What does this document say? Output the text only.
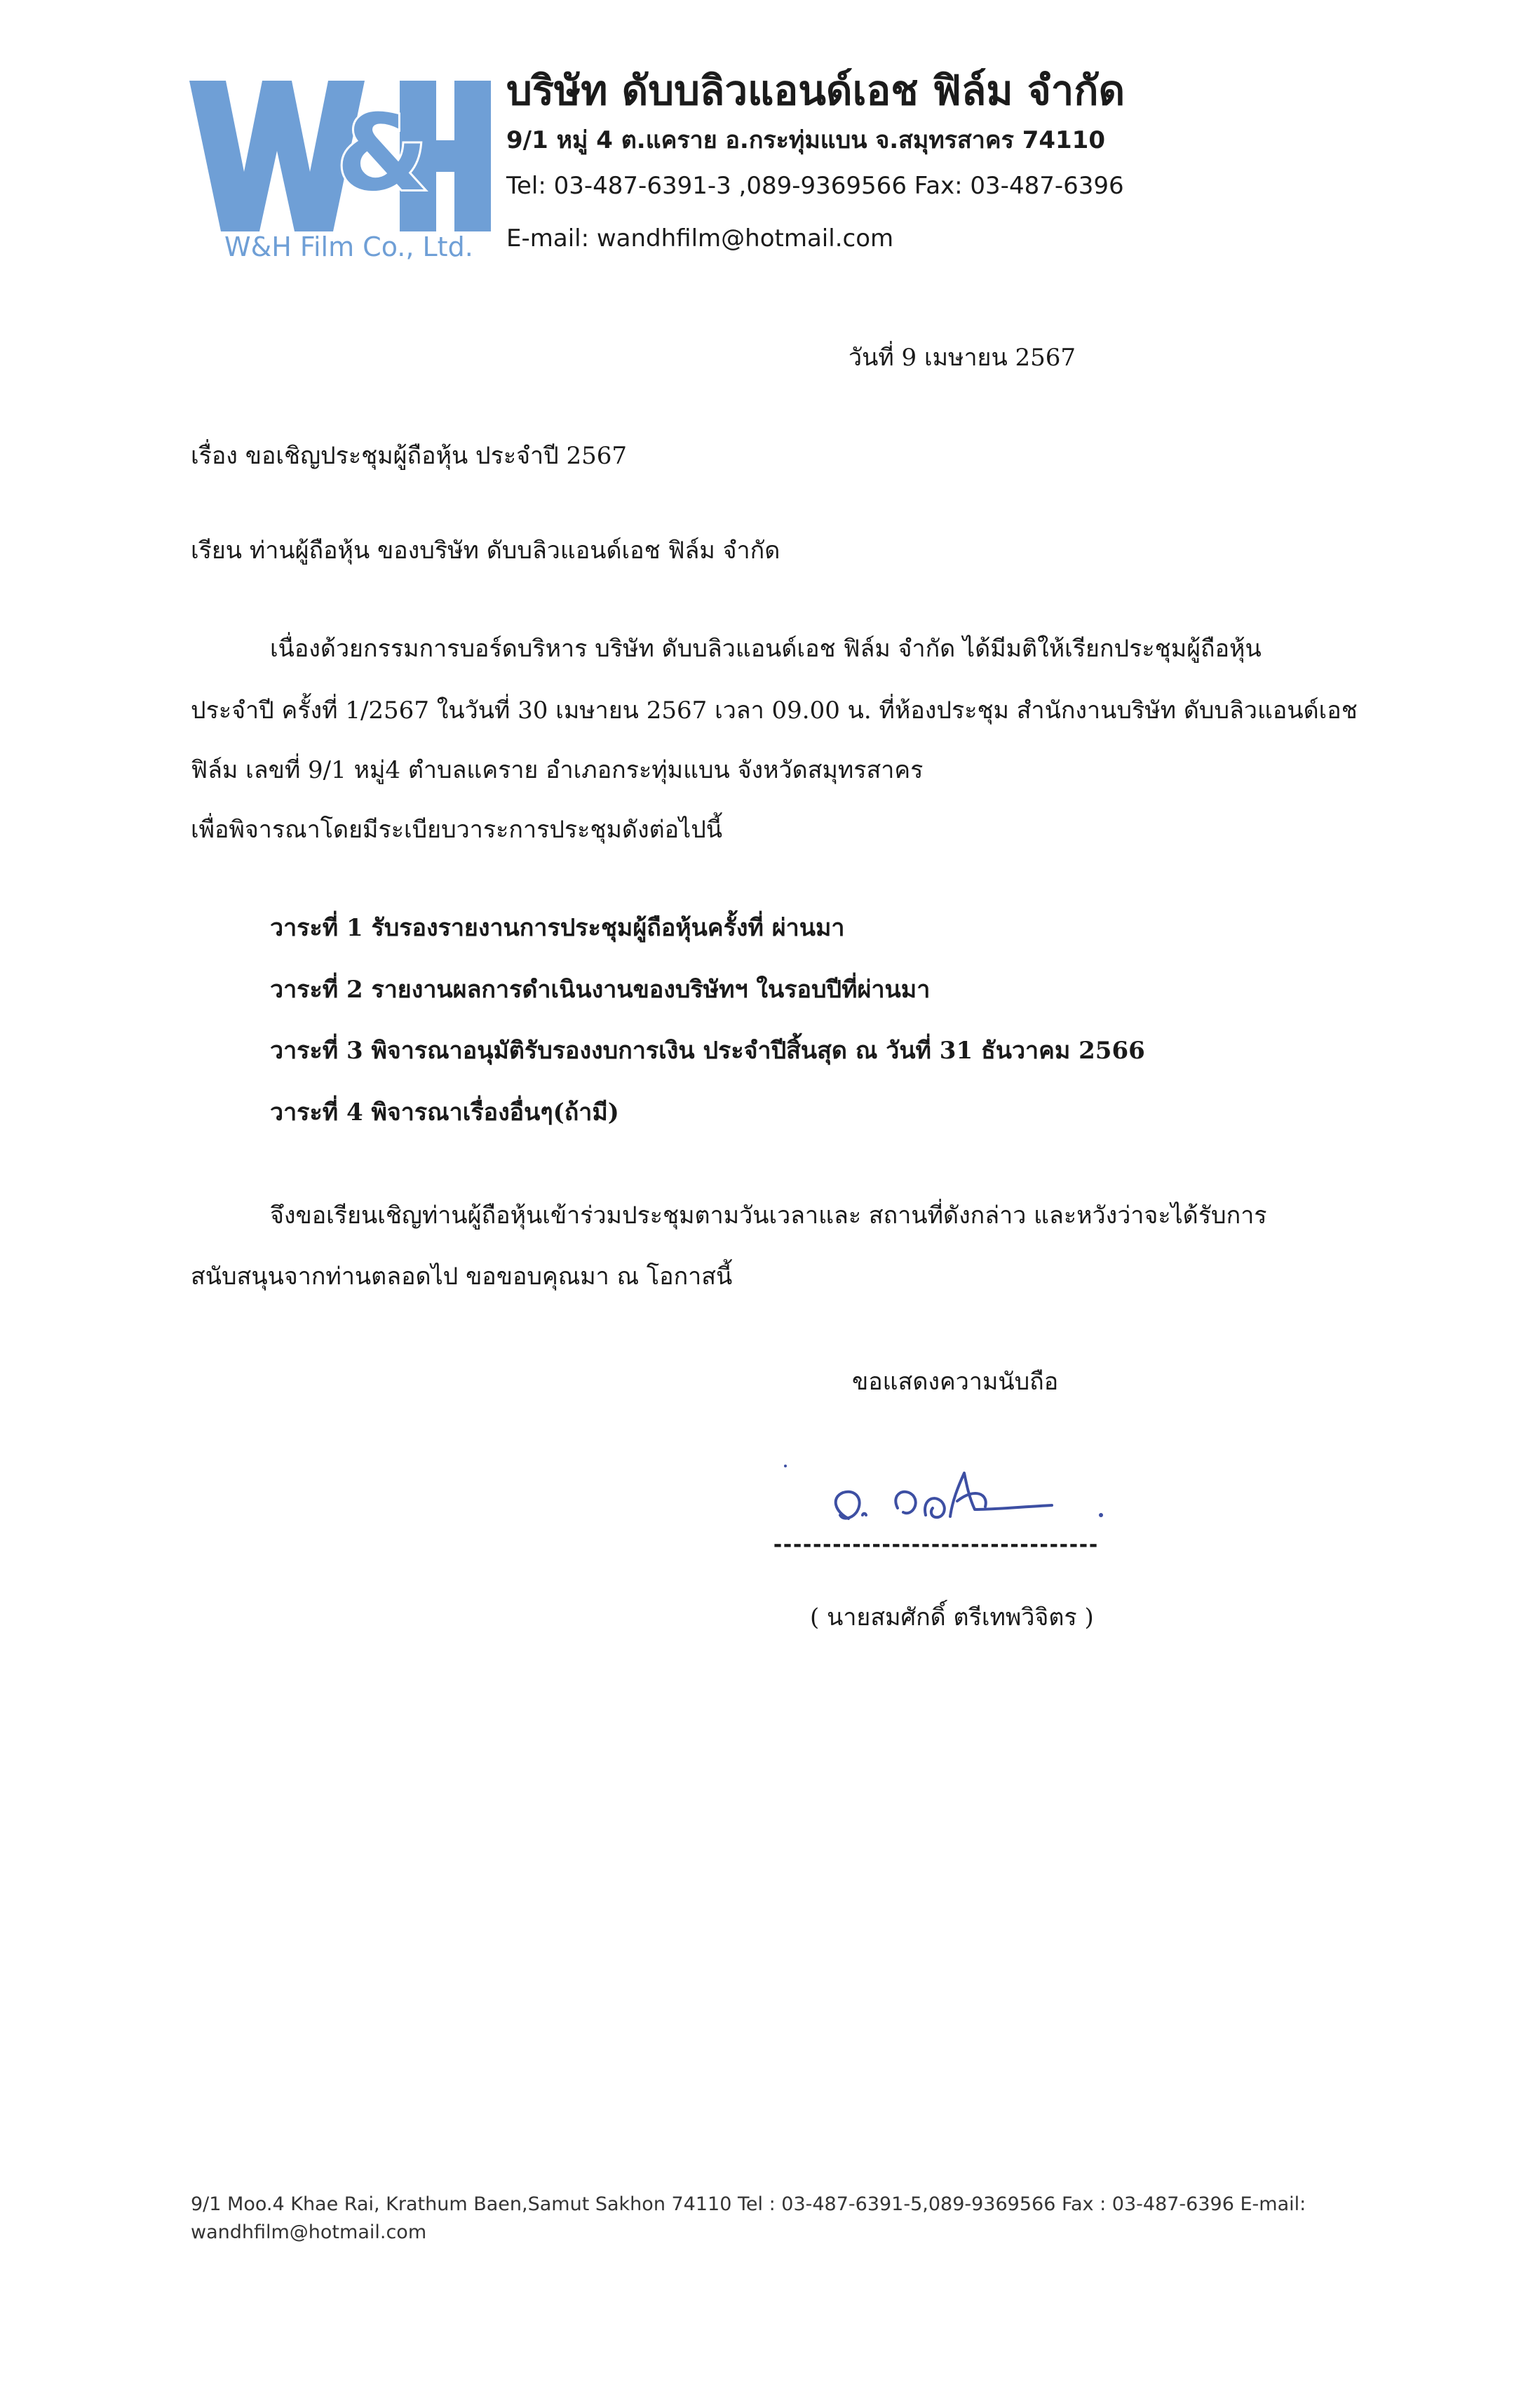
&
W&H Film Co., Ltd.
บริษัท ดับบลิวแอนด์เอช ฟิล์ม จำกัด
9/1 หมู่ 4 ต.แคราย อ.กระทุ่มแบน จ.สมุทรสาคร 74110
Tel: 03-487-6391-3 ,089-9369566 Fax: 03-487-6396
E-mail: wandhfilm@hotmail.com
วันที่ 9 เมษายน 2567
เรื่อง ขอเชิญประชุมผู้ถือหุ้น ประจำปี 2567
เรียน ท่านผู้ถือหุ้น ของบริษัท ดับบลิวแอนด์เอช ฟิล์ม จำกัด
เนื่องด้วยกรรมการบอร์ดบริหาร บริษัท ดับบลิวแอนด์เอช ฟิล์ม จำกัด ได้มีมติให้เรียกประชุมผู้ถือหุ้น
ประจำปี ครั้งที่ 1/2567 ในวันที่ 30 เมษายน 2567 เวลา 09.00 น. ที่ห้องประชุม สำนักงานบริษัท ดับบลิวแอนด์เอช
ฟิล์ม เลขที่ 9/1 หมู่4 ตำบลแคราย อำเภอกระทุ่มแบน จังหวัดสมุทรสาคร
เพื่อพิจารณาโดยมีระเบียบวาระการประชุมดังต่อไปนี้
วาระที่ 1 รับรองรายงานการประชุมผู้ถือหุ้นครั้งที่ ผ่านมา
วาระที่ 2 รายงานผลการดำเนินงานของบริษัทฯ ในรอบปีที่ผ่านมา
วาระที่ 3 พิจารณาอนุมัติรับรองงบการเงิน ประจำปีสิ้นสุด ณ วันที่ 31 ธันวาคม 2566
วาระที่ 4 พิจารณาเรื่องอื่นๆ(ถ้ามี)
จึงขอเรียนเชิญท่านผู้ถือหุ้นเข้าร่วมประชุมตามวันเวลาและ สถานที่ดังกล่าว และหวังว่าจะได้รับการ
สนับสนุนจากท่านตลอดไป ขอขอบคุณมา ณ โอกาสนี้
ขอแสดงความนับถือ
---------------------------------
( นายสมศักดิ์ ตรีเทพวิจิตร )
9/1 Moo.4 Khae Rai, Krathum Baen,Samut Sakhon 74110 Tel : 03-487-6391-5,089-9369566 Fax : 03-487-6396 E-mail:
wandhfilm@hotmail.com
